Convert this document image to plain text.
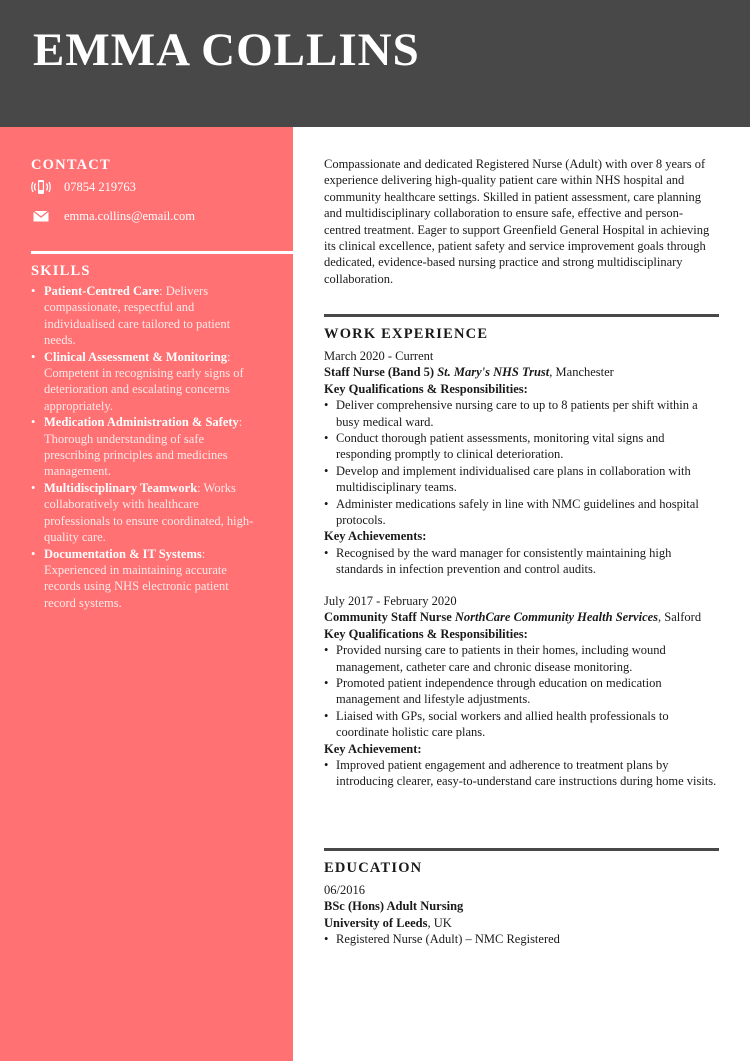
EMMA COLLINS
CONTACT
07854 219763
emma.collins@email.com
SKILLS
• Patient-Centred Care: Delivers compassionate, respectful and individualised care tailored to patient needs.
• Clinical Assessment & Monitoring: Competent in recognising early signs of deterioration and escalating concerns appropriately.
• Medication Administration & Safety: Thorough understanding of safe prescribing principles and medicines management.
• Multidisciplinary Teamwork: Works collaboratively with healthcare professionals to ensure coordinated, high-quality care.
• Documentation & IT Systems: Experienced in maintaining accurate records using NHS electronic patient record systems.

Compassionate and dedicated Registered Nurse (Adult) with over 8 years of experience delivering high-quality patient care within NHS hospital and community healthcare settings. Skilled in patient assessment, care planning and multidisciplinary collaboration to ensure safe, effective and person-centred treatment. Eager to support Greenfield General Hospital in achieving its clinical excellence, patient safety and service improvement goals through dedicated, evidence-based nursing practice and strong multidisciplinary collaboration.

WORK EXPERIENCE
March 2020 - Current
Staff Nurse (Band 5) St. Mary's NHS Trust, Manchester
Key Qualifications & Responsibilities:
• Deliver comprehensive nursing care to up to 8 patients per shift within a busy medical ward.
• Conduct thorough patient assessments, monitoring vital signs and responding promptly to clinical deterioration.
• Develop and implement individualised care plans in collaboration with multidisciplinary teams.
• Administer medications safely in line with NMC guidelines and hospital protocols.
Key Achievements:
• Recognised by the ward manager for consistently maintaining high standards in infection prevention and control audits.
July 2017 - February 2020
Community Staff Nurse NorthCare Community Health Services, Salford
Key Qualifications & Responsibilities:
• Provided nursing care to patients in their homes, including wound management, catheter care and chronic disease monitoring.
• Promoted patient independence through education on medication management and lifestyle adjustments.
• Liaised with GPs, social workers and allied health professionals to coordinate holistic care plans.
Key Achievement:
• Improved patient engagement and adherence to treatment plans by introducing clearer, easy-to-understand care instructions during home visits.
EDUCATION
06/2016
BSc (Hons) Adult Nursing
University of Leeds, UK
• Registered Nurse (Adult) – NMC Registered
